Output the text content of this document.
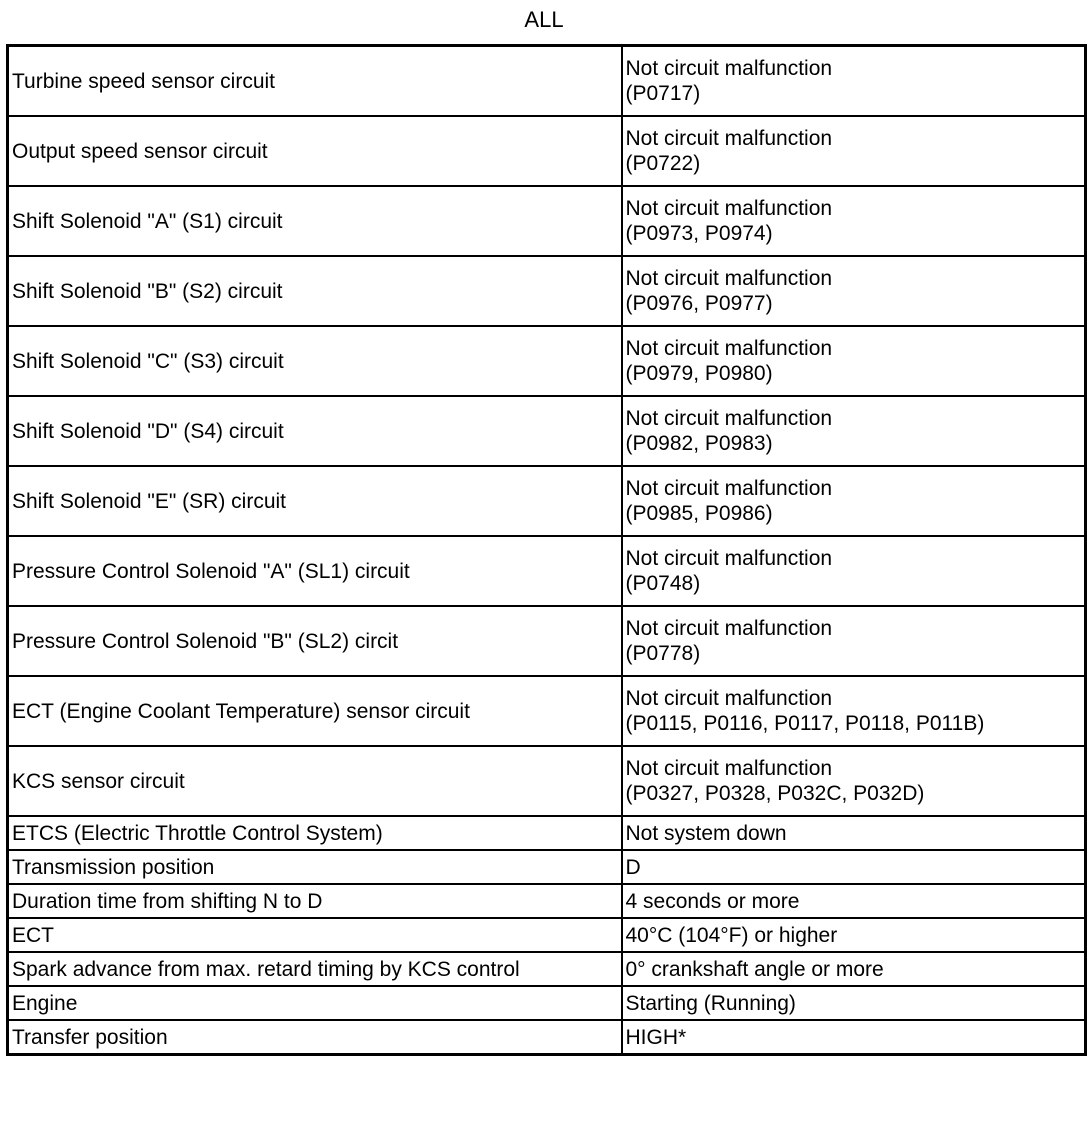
ALL
Turbine speed sensor circuit	Not circuit malfunction
(P0717)

Output speed sensor circuit	Not circuit malfunction
(P0722)

Shift Solenoid "A" (S1) circuit	Not circuit malfunction
(P0973, P0974)

Shift Solenoid "B" (S2) circuit	Not circuit malfunction
(P0976, P0977)

Shift Solenoid "C" (S3) circuit	Not circuit malfunction
(P0979, P0980)

Shift Solenoid "D" (S4) circuit	Not circuit malfunction
(P0982, P0983)

Shift Solenoid "E" (SR) circuit	Not circuit malfunction
(P0985, P0986)

Pressure Control Solenoid "A" (SL1) circuit	Not circuit malfunction
(P0748)

Pressure Control Solenoid "B" (SL2) circit	Not circuit malfunction
(P0778)

ECT (Engine Coolant Temperature) sensor circuit	Not circuit malfunction
(P0115, P0116, P0117, P0118, P011B)

KCS sensor circuit	Not circuit malfunction
(P0327, P0328, P032C, P032D)

ETCS (Electric Throttle Control System)	Not system down
Transmission position	D
Duration time from shifting N to D	4 seconds or more
ECT	40°C (104°F) or higher
Spark advance from max. retard timing by KCS control	0° crankshaft angle or more
Engine	Starting (Running)
Transfer position	HIGH*
